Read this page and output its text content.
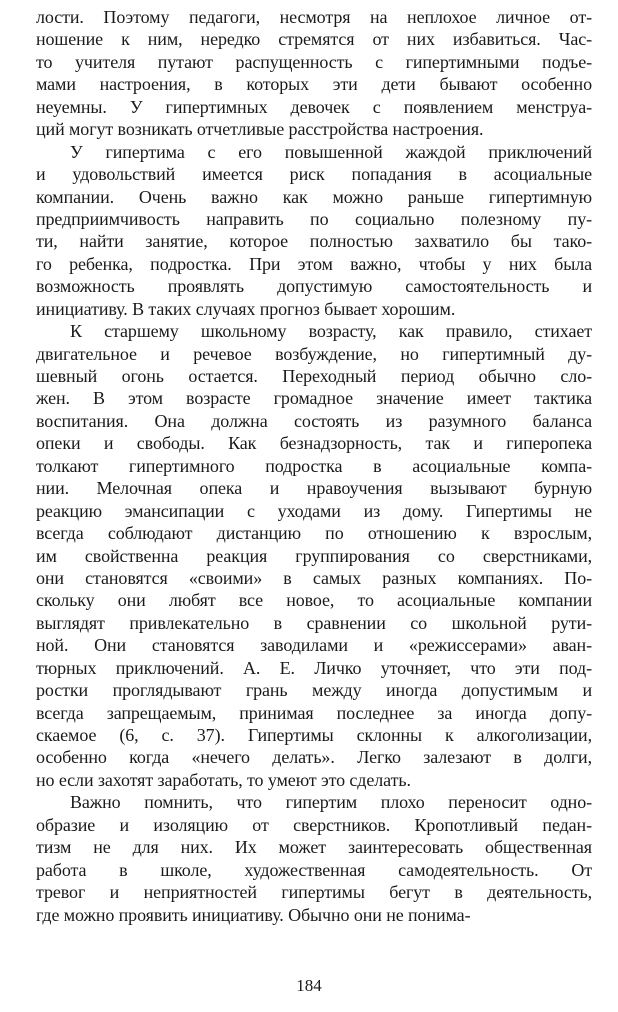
лости. Поэтому педагоги, несмотря на неплохое личное от-
ношение к ним, нередко стремятся от них избавиться. Час-
то учителя путают распущенность с гипертимными подъе-
мами настроения, в которых эти дети бывают особенно
неуемны. У гипертимных девочек с появлением менструа-
ций могут возникать отчетливые расстройства настроения.

У гипертима с его повышенной жаждой приключений
и удовольствий имеется риск попадания в асоциальные
компании. Очень важно как можно раньше гипертимную
предприимчивость направить по социально полезному пу-
ти, найти занятие, которое полностью захватило бы тако-
го ребенка, подростка. При этом важно, чтобы у них была
возможность проявлять допустимую самостоятельность и
инициативу. В таких случаях прогноз бывает хорошим.

К старшему школьному возрасту, как правило, стихает
двигательное и речевое возбуждение, но гипертимный ду-
шевный огонь остается. Переходный период обычно сло-
жен. В этом возрасте громадное значение имеет тактика
воспитания. Она должна состоять из разумного баланса
опеки и свободы. Как безнадзорность, так и гиперопека
толкают гипертимного подростка в асоциальные компа-
нии. Мелочная опека и нравоучения вызывают бурную
реакцию эмансипации с уходами из дому. Гипертимы не
всегда соблюдают дистанцию по отношению к взрослым,
им свойственна реакция группирования со сверстниками,
они становятся «своими» в самых разных компаниях. По-
скольку они любят все новое, то асоциальные компании
выглядят привлекательно в сравнении со школьной рути-
ной. Они становятся заводилами и «режиссерами» аван-
тюрных приключений. А. Е. Личко уточняет, что эти под-
ростки проглядывают грань между иногда допустимым и
всегда запрещаемым, принимая последнее за иногда допу-
скаемое (6, с. 37). Гипертимы склонны к алкоголизации,
особенно когда «нечего делать». Легко залезают в долги,
но если захотят заработать, то умеют это сделать.

Важно помнить, что гипертим плохо переносит одно-
образие и изоляцию от сверстников. Кропотливый педан-
тизм не для них. Их может заинтересовать общественная
работа в школе, художественная самодеятельность. От
тревог и неприятностей гипертимы бегут в деятельность,
где можно проявить инициативу. Обычно они не понима-

184
